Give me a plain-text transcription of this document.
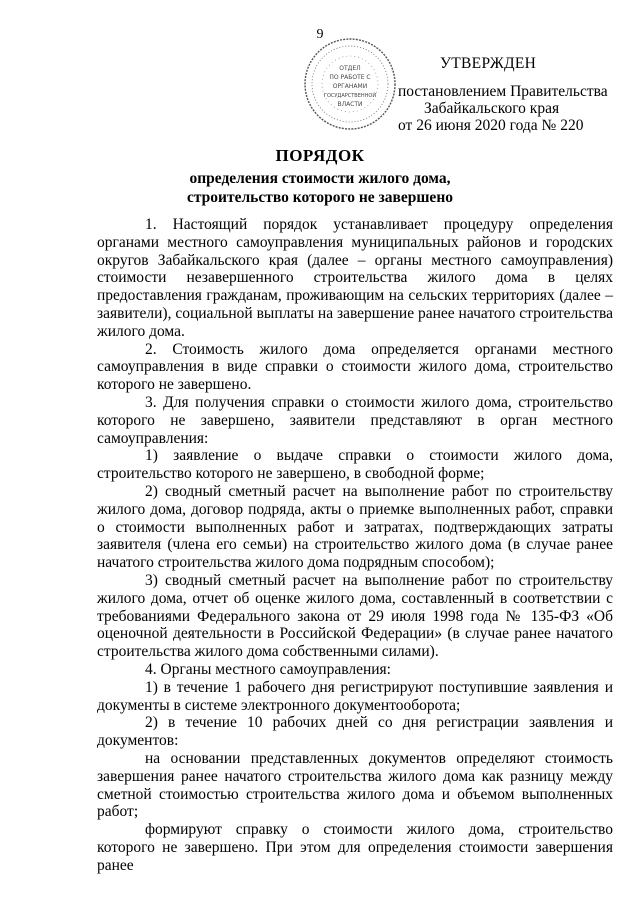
9
ОТДЕЛ
ПО РАБОТЕ С
ОРГАНАМИ
ГОСУДАРСТВЕННОЙ
ВЛАСТИ
УТВЕРЖДЕН
постановлением Правительства
Забайкальского края
от 26 июня 2020 года № 220
ПОРЯДОК
определения стоимости жилого дома,
строительство которого не завершено

1. Настоящий порядок устанавливает процедуру определения органами местного самоуправления муниципальных районов и городских округов Забайкальского края (далее – органы местного самоуправления) стоимости незавершенного строительства жилого дома в целях предоставления гражданам, проживающим на сельских территориях (далее – заявители), социальной выплаты на завершение ранее начатого строительства жилого дома.

2. Стоимость жилого дома определяется органами местного самоуправления в виде справки о стоимости жилого дома, строительство которого не завершено.

3. Для получения справки о стоимости жилого дома, строительство которого не завершено, заявители представляют в орган местного самоуправления:

1) заявление о выдаче справки о стоимости жилого дома, строительство которого не завершено, в свободной форме;

2) сводный сметный расчет на выполнение работ по строительству жилого дома, договор подряда, акты о приемке выполненных работ, справки о стоимости выполненных работ и затратах, подтверждающих затраты заявителя (члена его семьи) на строительство жилого дома (в случае ранее начатого строительства жилого дома подрядным способом);

3) сводный сметный расчет на выполнение работ по строительству жилого дома, отчет об оценке жилого дома, составленный в соответствии с требованиями Федерального закона от 29 июля 1998 года № 135-ФЗ «Об оценочной деятельности в Российской Федерации» (в случае ранее начатого строительства жилого дома собственными силами).

4. Органы местного самоуправления:

1) в течение 1 рабочего дня регистрируют поступившие заявления и документы в системе электронного документооборота;

2) в течение 10 рабочих дней со дня регистрации заявления и документов:

на основании представленных документов определяют стоимость завершения ранее начатого строительства жилого дома как разницу между сметной стоимостью строительства жилого дома и объемом выполненных работ;

формируют справку о стоимости жилого дома, строительство которого не завершено. При этом для определения стоимости завершения ранее
